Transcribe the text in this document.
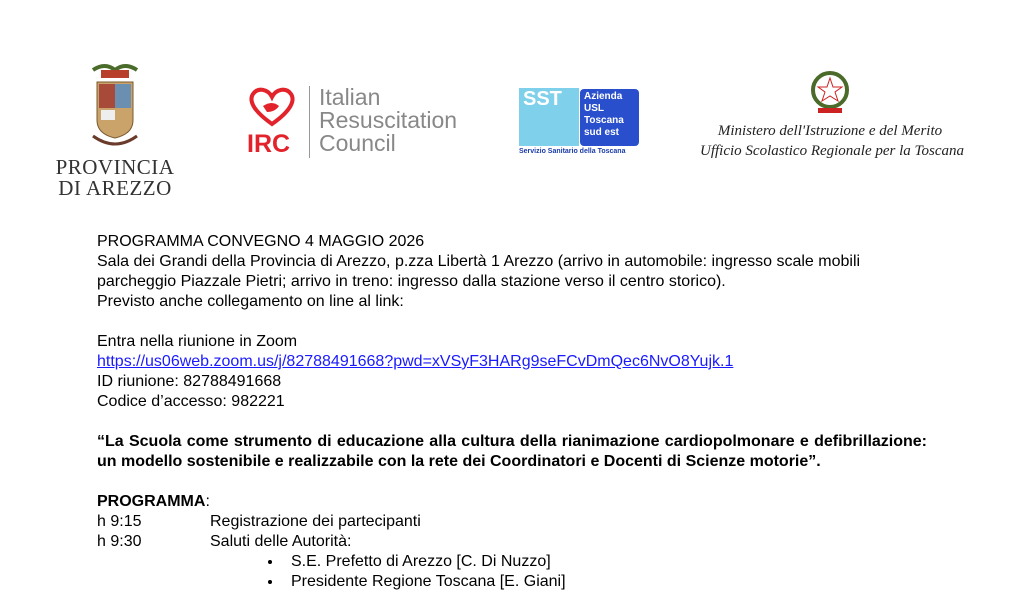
PROVINCIA
DI AREZZO
IRC
Italian
Resuscitation
Council
SST Azienda
USL
Toscana
sud est
Servizio Sanitario della Toscana
Ministero dell'Istruzione e del Merito
Ufficio Scolastico Regionale per la Toscana

PROGRAMMA CONVEGNO 4 MAGGIO 2026

Sala dei Grandi della Provincia di Arezzo, p.zza Libertà 1 Arezzo (arrivo in automobile: ingresso scale mobili parcheggio Piazzale Pietri; arrivo in treno: ingresso dalla stazione verso il centro storico).

Previsto anche collegamento on line al link:

Entra nella riunione in Zoom

https://us06web.zoom.us/j/82788491668?pwd=xVSyF3HARg9seFCvDmQec6NvO8Yujk.1

ID riunione: 82788491668

Codice d’accesso: 982221

“La Scuola come strumento di educazione alla cultura della rianimazione cardiopolmonare e defibrillazione: un modello sostenibile e realizzabile con la rete dei Coordinatori e Docenti di Scienze motorie”.

PROGRAMMA:

h 9:15	Registrazione dei partecipanti
h 9:30	Saluti delle Autorità:
• S.E. Prefetto di Arezzo [C. Di Nuzzo]
• Presidente Regione Toscana [E. Giani]
